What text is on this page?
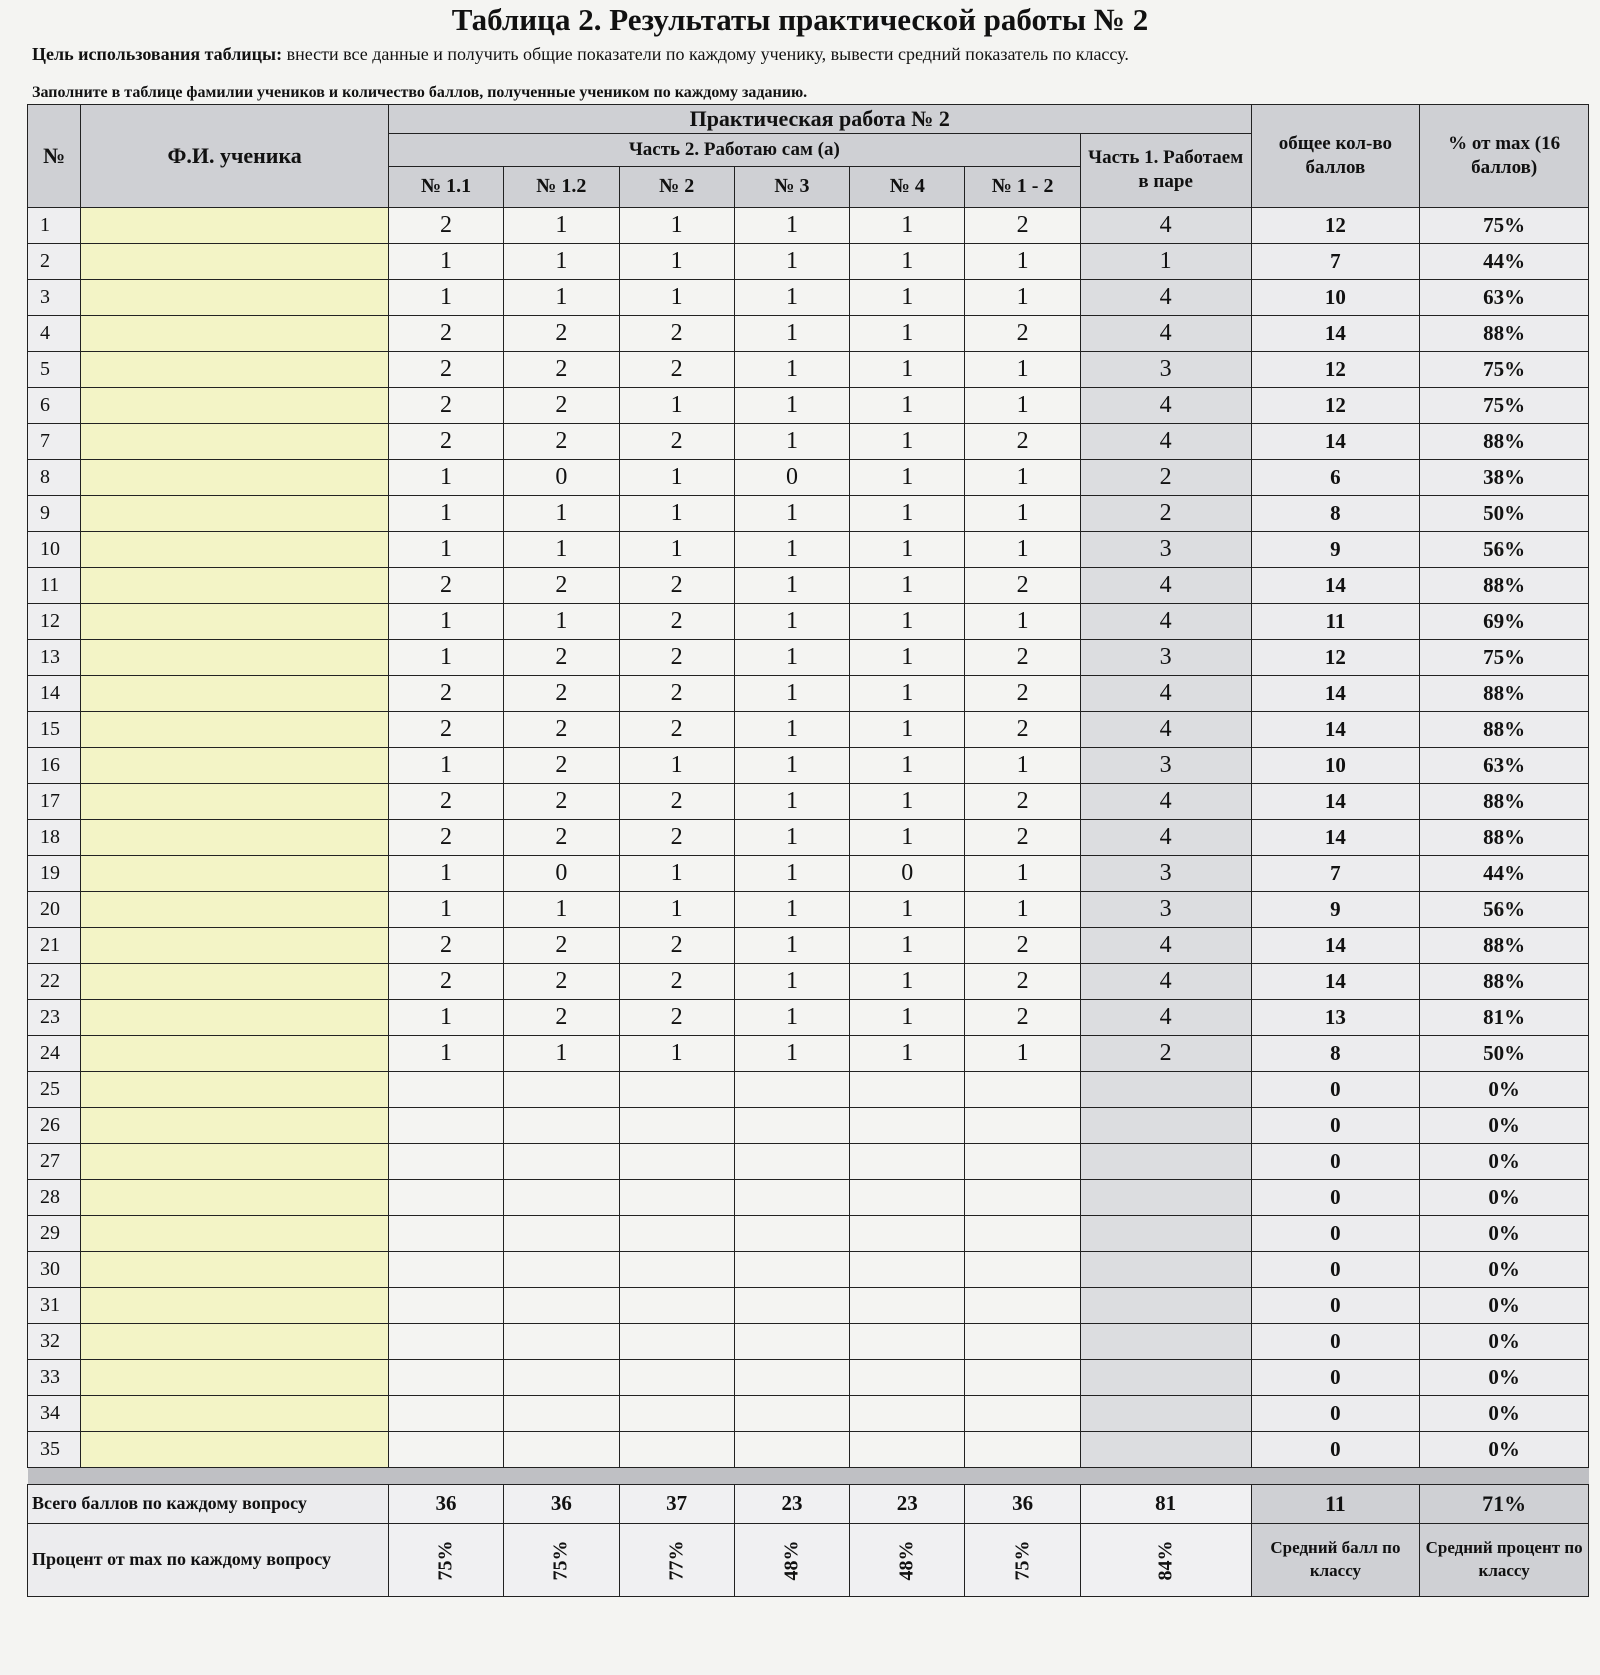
Таблица 2. Результаты практической работы № 2
Цель использования таблицы: внести все данные и получить общие показатели по каждому ученику, вывести средний показатель по классу.
Заполните в таблице фамилии учеников и количество баллов, полученные учеником по каждому заданию.
№	Ф.И. ученика	Практическая работа № 2							общее кол-во баллов	% от max (16 баллов)
		Часть 2. Работаю сам (а)						Часть 1. Работаем в паре		
		№ 1.1	№ 1.2	№ 2	№ 3	№ 4	№ 1 - 2			
1		2	1	1	1	1	2	4	12	75%
2		1	1	1	1	1	1	1	7	44%
3		1	1	1	1	1	1	4	10	63%
4		2	2	2	1	1	2	4	14	88%
5		2	2	2	1	1	1	3	12	75%
6		2	2	1	1	1	1	4	12	75%
7		2	2	2	1	1	2	4	14	88%
8		1	0	1	0	1	1	2	6	38%
9		1	1	1	1	1	1	2	8	50%
10		1	1	1	1	1	1	3	9	56%
11		2	2	2	1	1	2	4	14	88%
12		1	1	2	1	1	1	4	11	69%
13		1	2	2	1	1	2	3	12	75%
14		2	2	2	1	1	2	4	14	88%
15		2	2	2	1	1	2	4	14	88%
16		1	2	1	1	1	1	3	10	63%
17		2	2	2	1	1	2	4	14	88%
18		2	2	2	1	1	2	4	14	88%
19		1	0	1	1	0	1	3	7	44%
20		1	1	1	1	1	1	3	9	56%
21		2	2	2	1	1	2	4	14	88%
22		2	2	2	1	1	2	4	14	88%
23		1	2	2	1	1	2	4	13	81%
24		1	1	1	1	1	1	2	8	50%
25									0	0%
26									0	0%
27									0	0%
28									0	0%
29									0	0%
30									0	0%
31									0	0%
32									0	0%
33									0	0%
34									0	0%
35									0	0%

Всего баллов по каждому вопросу		36	36	37	23	23	36	81	11	71%
Процент от max по каждому вопросу		75%	75%	77%	48%	48%	75%	84%	Средний балл по классу	Средний процент по классу
